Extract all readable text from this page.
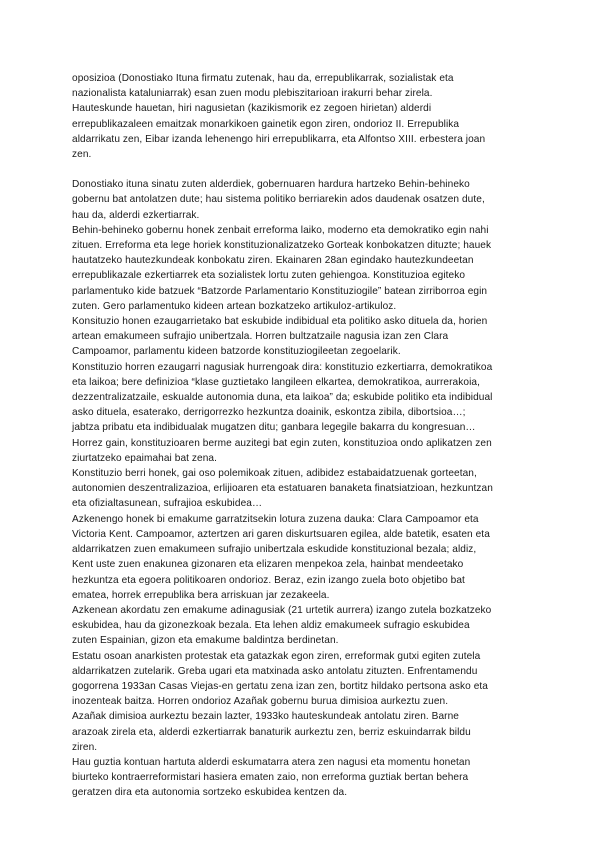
oposizioa (Donostiako Ituna firmatu zutenak, hau da, errepublikarrak, sozialistak eta
nazionalista kataluniarrak) esan zuen modu plebiszitarioan irakurri behar zirela.
Hauteskunde hauetan, hiri nagusietan (kazikismorik ez zegoen hirietan) alderdi
errepublikazaleen emaitzak monarkikoen gainetik egon ziren, ondorioz II. Errepublika
aldarrikatu zen, Eibar izanda lehenengo hiri errepublikarra, eta Alfontso XIII. erbestera joan
zen.

Donostiako ituna sinatu zuten alderdiek, gobernuaren hardura hartzeko Behin-behineko
gobernu bat antolatzen dute; hau sistema politiko berriarekin ados daudenak osatzen dute,
hau da, alderdi ezkertiarrak.

Behin-behineko gobernu honek zenbait erreforma laiko, moderno eta demokratiko egin nahi
zituen. Erreforma eta lege horiek konstituzionalizatzeko Gorteak konbokatzen dituzte; hauek
hautatzeko hautezkundeak konbokatu ziren. Ekainaren 28an egindako hautezkundeetan
errepublikazale ezkertiarrek eta sozialistek lortu zuten gehiengoa. Konstituzioa egiteko
parlamentuko kide batzuek “Batzorde Parlamentario Konstituziogile” batean zirriborroa egin
zuten. Gero parlamentuko kideen artean bozkatzeko artikuloz-artikuloz.

Konsituzio honen ezaugarrietako bat eskubide indibidual eta politiko asko dituela da, horien
artean emakumeen sufrajio unibertzala. Horren bultzatzaile nagusia izan zen Clara
Campoamor, parlamentu kideen batzorde konstituziogileetan zegoelarik.

Konstituzio horren ezaugarri nagusiak hurrengoak dira: konstituzio ezkertiarra, demokratikoa
eta laikoa; bere definizioa “klase guztietako langileen elkartea, demokratikoa, aurrerakoia,
dezzentralizatzaile, eskualde autonomia duna, eta laikoa” da; eskubide politiko eta indibidual
asko dituela, esaterako, derrigorrezko hezkuntza doainik, eskontza zibila, dibortsioa…;
jabtza pribatu eta indibidualak mugatzen ditu; ganbara legegile bakarra du kongresuan…

Horrez gain, konstituzioaren berme auzitegi bat egin zuten, konstituzioa ondo aplikatzen zen
ziurtatzeko epaimahai bat zena.

Konstituzio berri honek, gai oso polemikoak zituen, adibidez estabaidatzuenak gorteetan,
autonomien deszentralizazioa, erlijioaren eta estatuaren banaketa finatsiatzioan, hezkuntzan
eta ofizialtasunean, sufrajioa eskubidea…

Azkenengo honek bi emakume garratzitsekin lotura zuzena dauka: Clara Campoamor eta
Victoria Kent. Campoamor, aztertzen ari garen diskurtsuaren egilea, alde batetik, esaten eta
aldarrikatzen zuen emakumeen sufrajio unibertzala eskudide konstituzional bezala; aldiz,
Kent uste zuen enakunea gizonaren eta elizaren menpekoa zela, hainbat mendeetako
hezkuntza eta egoera politikoaren ondorioz. Beraz, ezin izango zuela boto objetibo bat
ematea, horrek errepublika bera arriskuan jar zezakeela.

Azkenean akordatu zen emakume adinagusiak (21 urtetik aurrera) izango zutela bozkatzeko
eskubidea, hau da gizonezkoak bezala. Eta lehen aldiz emakumeek sufragio eskubidea
zuten Espainian, gizon eta emakume baldintza berdinetan.

Estatu osoan anarkisten protestak eta gatazkak egon ziren, erreformak gutxi egiten zutela
aldarrikatzen zutelarik. Greba ugari eta matxinada asko antolatu zituzten. Enfrentamendu
gogorrena 1933an Casas Viejas-en gertatu zena izan zen, bortitz hildako pertsona asko eta
inozenteak baitza. Horren ondorioz Azañak gobernu burua dimisioa aurkeztu zuen.

Azañak dimisioa aurkeztu bezain lazter, 1933ko hauteskundeak antolatu ziren. Barne
arazoak zirela eta, alderdi ezkertiarrak banaturik aurkeztu zen, berriz eskuindarrak bildu
ziren.

Hau guztia kontuan hartuta alderdi eskumatarra atera zen nagusi eta momentu honetan
biurteko kontraerreformistari hasiera ematen zaio, non erreforma guztiak bertan behera
geratzen dira eta autonomia sortzeko eskubidea kentzen da.
